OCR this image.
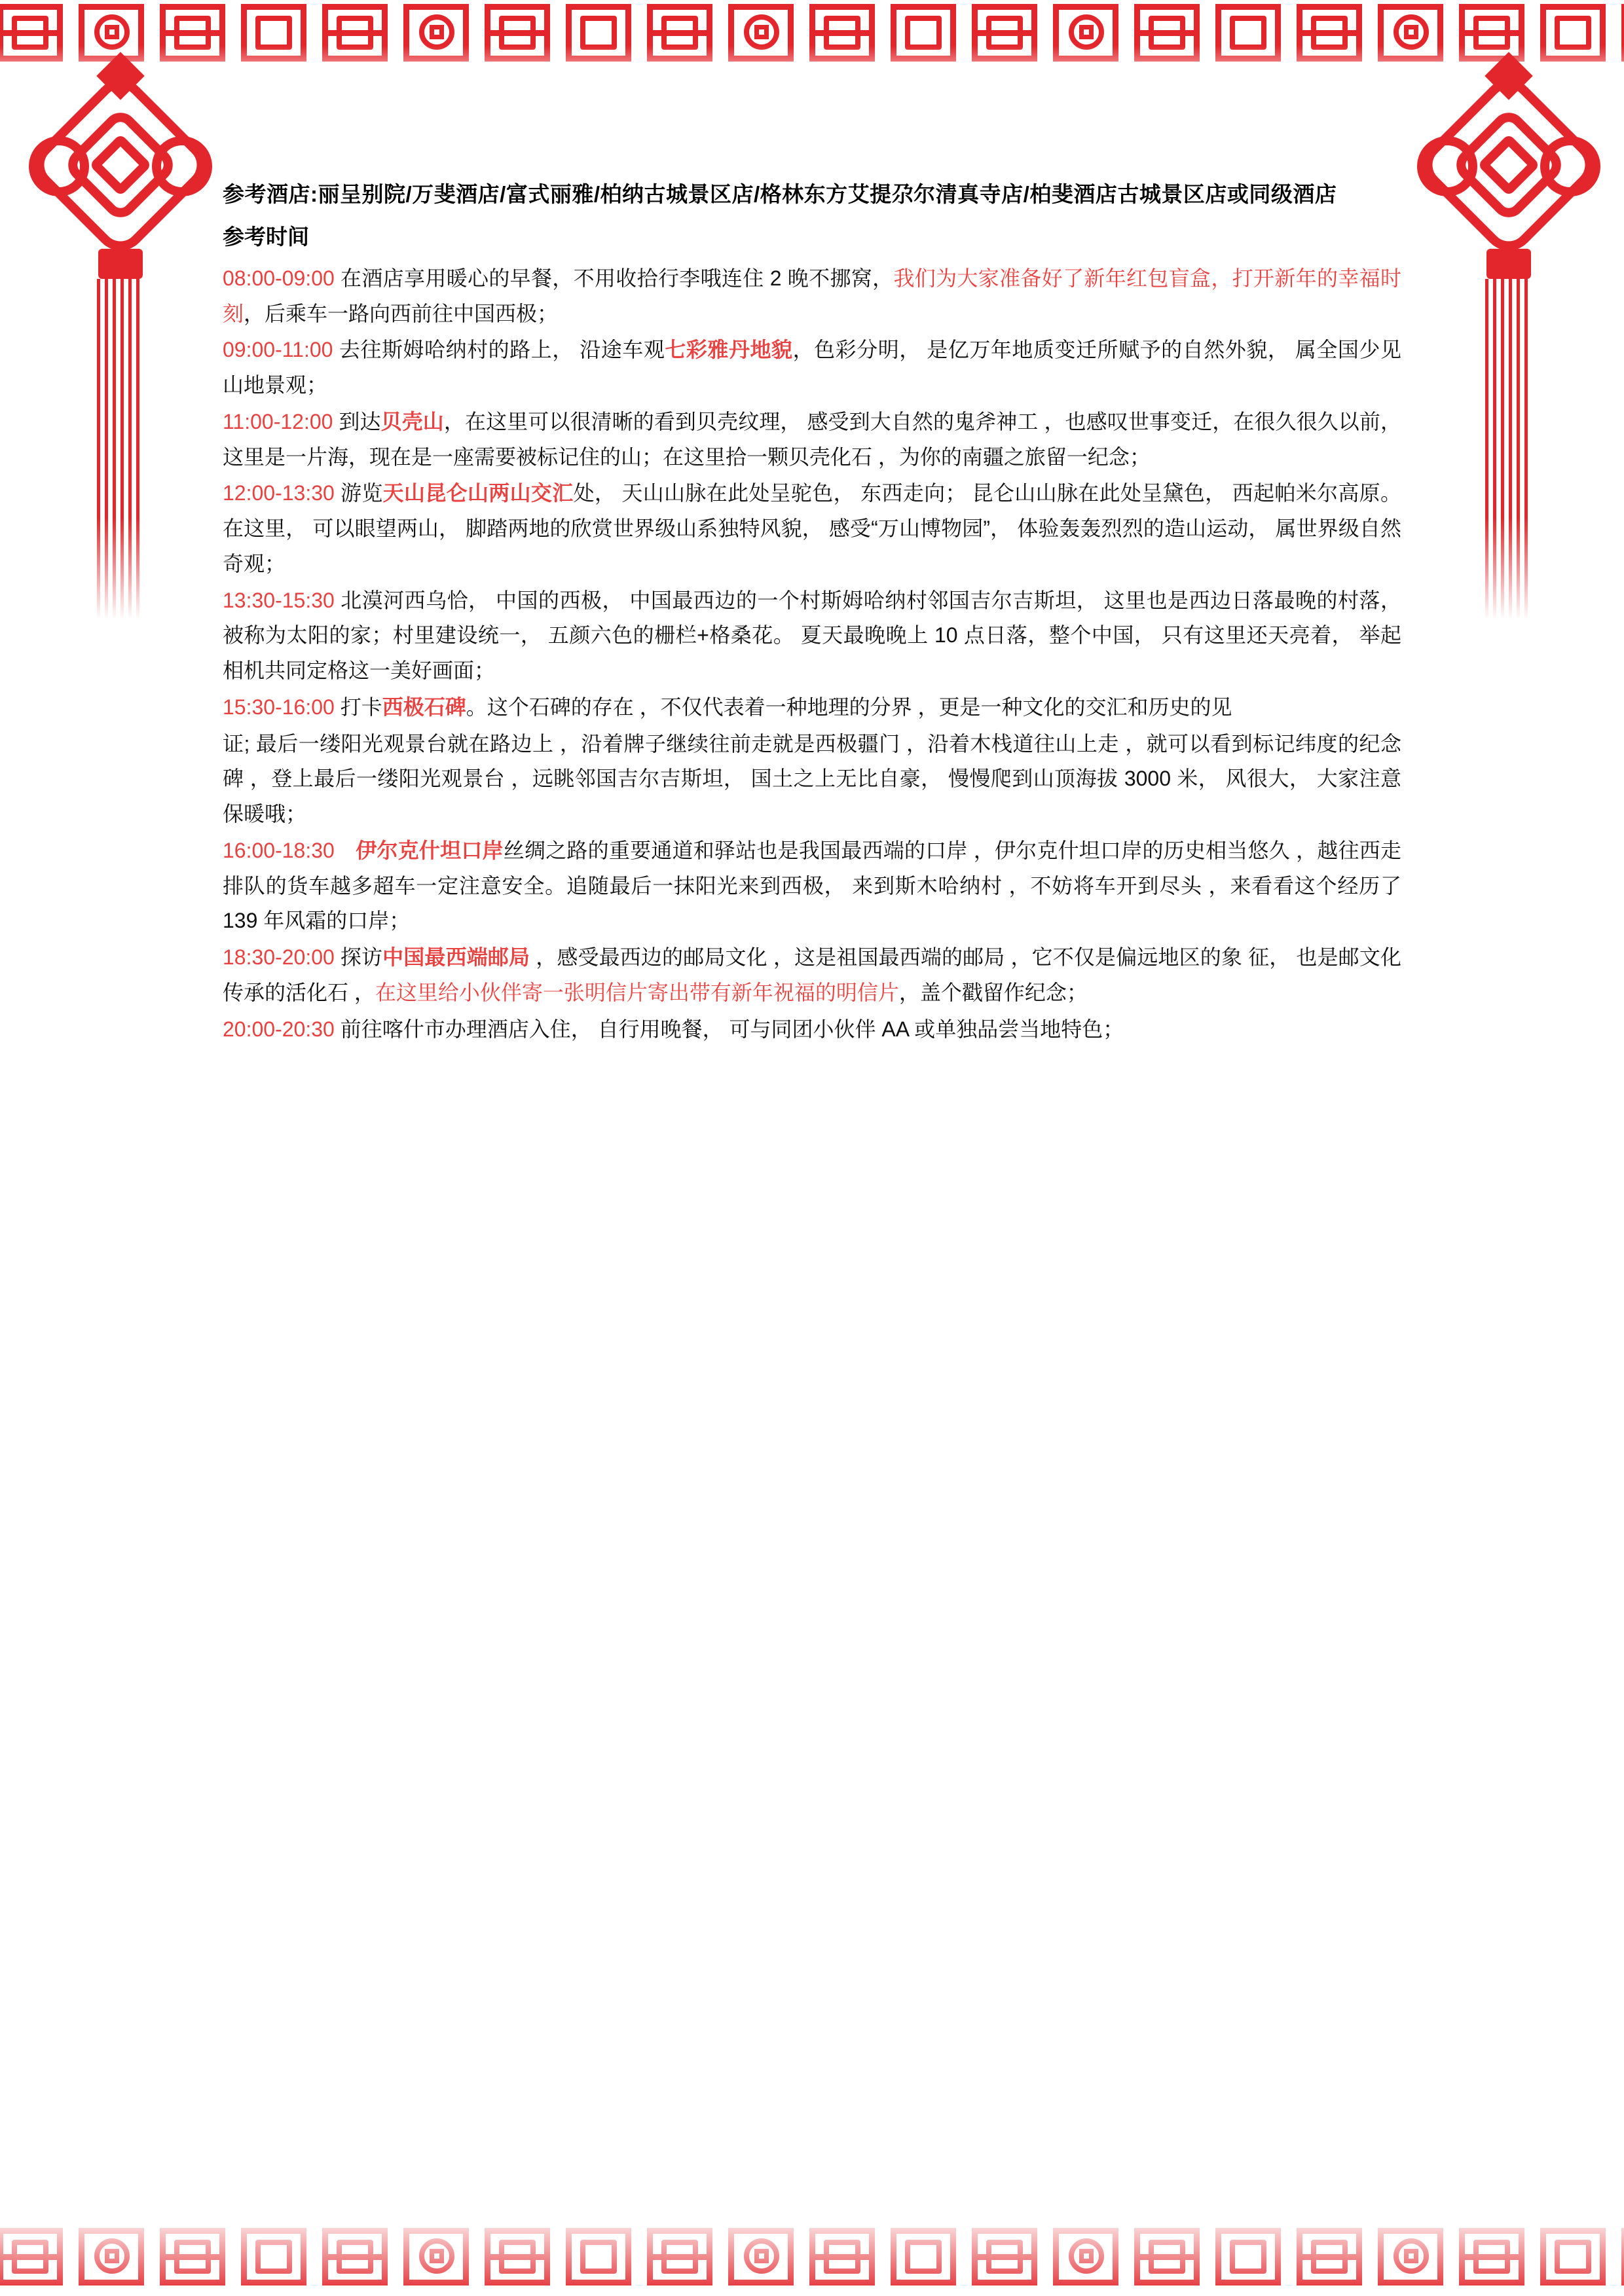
参考酒店:丽呈别院/万斐酒店/富式丽雅/柏纳古城景区店/格林东方艾提尕尔清真寺店/柏斐酒店古城景区店或同级酒店
参考时间

08:00-09:00 在酒店享用暖心的早餐，不用收拾行李哦连住 2 晚不挪窝，我们为大家准备好了新年红包盲盒，打开新年的幸福时刻，后乘车一路向西前往中国西极；

09:00-11:00 去往斯姆哈纳村的路上， 沿途车观七彩雅丹地貌，色彩分明， 是亿万年地质变迁所赋予的自然外貌， 属全国少见山地景观；

11:00-12:00 到达贝壳山，在这里可以很清晰的看到贝壳纹理， 感受到大自然的鬼斧神工 ，也感叹世事变迁，在很久很久以前， 这里是一片海，现在是一座需要被标记住的山；在这里拾一颗贝壳化石 ，为你的南疆之旅留一纪念；

12:00-13:30 游览天山昆仑山两山交汇处， 天山山脉在此处呈驼色， 东西走向； 昆仑山山脉在此处呈黛色， 西起帕米尔高原。在这里， 可以眼望两山， 脚踏两地的欣赏世界级山系独特风貌， 感受“万山博物园”， 体验轰轰烈烈的造山运动， 属世界级自然奇观；

13:30-15:30 北漠河西乌恰， 中国的西极， 中国最西边的一个村斯姆哈纳村邻国吉尔吉斯坦， 这里也是西边日落最晚的村落， 被称为太阳的家；村里建设统一， 五颜六色的栅栏+格桑花。 夏天最晚晚上 10 点日落，整个中国， 只有这里还天亮着， 举起相机共同定格这一美好画面；

15:30-16:00 打卡西极石碑。这个石碑的存在 ，不仅代表着一种地理的分界 ，更是一种文化的交汇和历史的见

证; 最后一缕阳光观景台就在路边上 ，沿着牌子继续往前走就是西极疆门 ，沿着木栈道往山上走 ，就可以看到标记纬度的纪念碑 ，登上最后一缕阳光观景台 ，远眺邻国吉尔吉斯坦， 国土之上无比自豪， 慢慢爬到山顶海拔 3000 米， 风很大， 大家注意保暖哦；

16:00-18:30　 伊尔克什坦口岸丝绸之路的重要通道和驿站也是我国最西端的口岸 ，伊尔克什坦口岸的历史相当悠久 ，越往西走排队的货车越多超车一定注意安全。追随最后一抹阳光来到西极， 来到斯木哈纳村 ，不妨将车开到尽头 ，来看看这个经历了 139 年风霜的口岸；

18:30-20:00 探访中国最西端邮局 ，感受最西边的邮局文化 ，这是祖国最西端的邮局 ，它不仅是偏远地区的象 征， 也是邮文化传承的活化石 ，在这里给小伙伴寄一张明信片寄出带有新年祝福的明信片，盖个戳留作纪念；

20:00-20:30 前往喀什市办理酒店入住， 自行用晚餐， 可与同团小伙伴 AA 或单独品尝当地特色；
